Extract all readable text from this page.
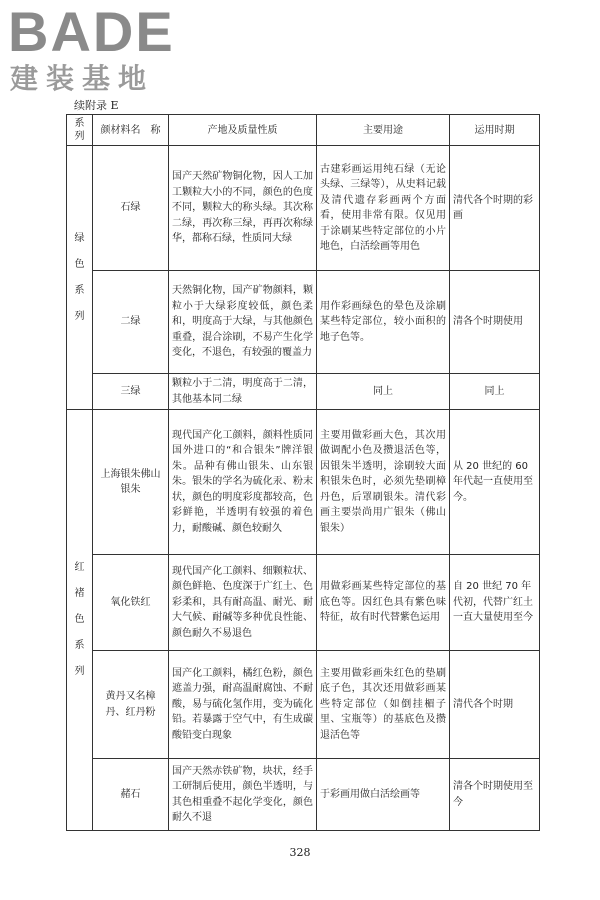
BADE
建装基地
续附录 E
系列	颜材料名　称	产地及质量性质	主要用途	运用时期

绿色系列	石绿	国产天然矿物铜化物，因人工加工颗粒大小的不同，颜色的色度不同，颗粒大的称头绿。其次称二绿，再次称三绿，再再次称绿华，都称石绿，性质同大绿	古建彩画运用纯石绿（无论头绿、三绿等），从史料记载及清代遗存彩画两个方面看，使用非常有限。仅见用于涂刷某些特定部位的小片地色，白活绘画等用色	清代各个时期的彩画
	二绿	天然铜化物，国产矿物颜料，颗粒小于大绿彩度较低，颜色柔和，明度高于大绿，与其他颜色重叠，混合涂刷，不易产生化学变化，不退色，有较强的覆盖力	用作彩画绿色的晕色及涂刷某些特定部位，较小面积的地子色等。	清各个时期使用
	三绿	颗粒小于二清，明度高于二清，其他基本同二绿	同上	同上

红褚色系列	上海银朱佛山银朱	现代国产化工颜料，颜料性质同国外进口的“和合银朱”牌洋银朱。品种有佛山银朱、山东银朱。银朱的学名为硫化汞、粉末状，颜色的明度彩度都较高，色彩鲜艳，半透明有较强的着色力，耐酸碱、颜色较耐久	主要用做彩画大色，其次用做调配小色及攒退活色等，因银朱半透明，涂刷较大面积银朱色时，必须先垫刷樟丹色，后罩刷银朱。清代彩画主要崇尚用广银朱（佛山银朱）	从 20 世纪的 60 年代起一直使用至今。
	氧化铁红	现代国产化工颜料、细颗粒状、颜色鲜艳、色度深于广红土、色彩柔和，具有耐高温、耐光、耐大气候、耐碱等多种优良性能、颜色耐久不易退色	用做彩画某些特定部位的基底色等。因红色具有紫色味特征，故有时代替紫色运用	自 20 世纪 70 年代初，代替广红土一直大量使用至今
	黄丹又名樟丹、红丹粉	国产化工颜料，橘红色粉，颜色遮盖力强，耐高温耐腐蚀、不耐酸，易与硫化氢作用，变为硫化铅。若暴露于空气中，有生成碳酸铅变白现象	主要用做彩画朱红色的垫刷底子色，其次还用做彩画某些特定部位（如倒挂楣子里、宝瓶等）的基底色及攒退活色等	清代各个时期
	赭石	国产天然赤铁矿物，块状，经手工研制后使用，颜色半透明，与其色相重叠不起化学变化，颜色耐久不退	于彩画用做白活绘画等	清各个时期使用至今
328
